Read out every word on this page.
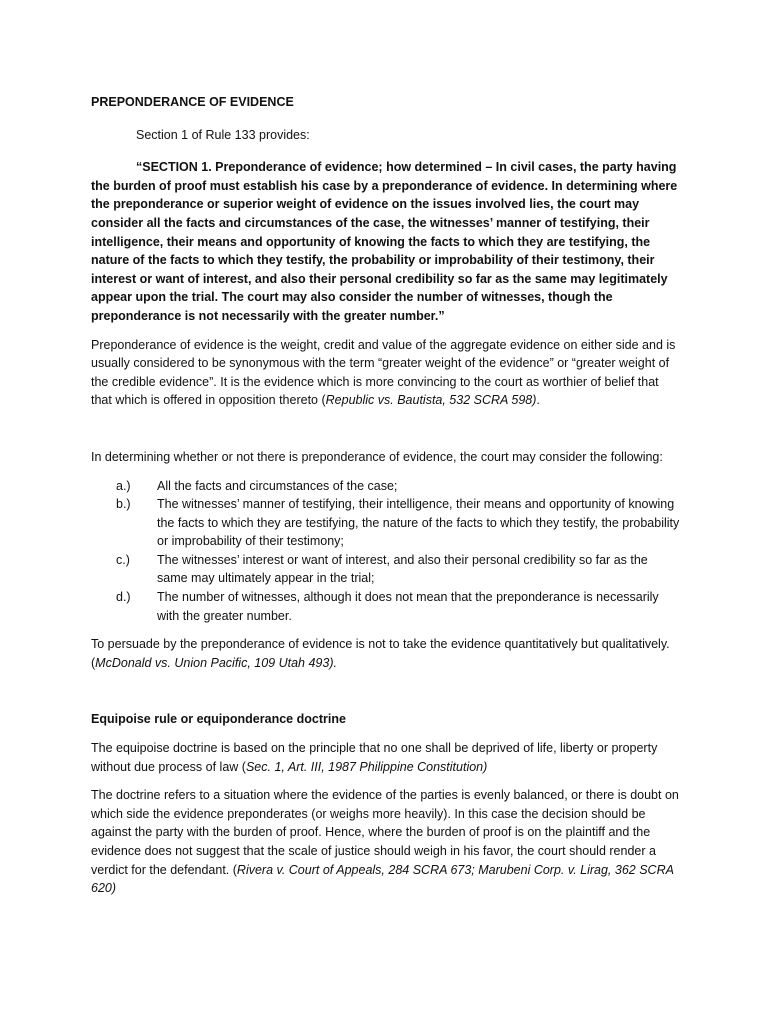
PREPONDERANCE OF EVIDENCE

Section 1 of Rule 133 provides:

“SECTION 1. Preponderance of evidence; how determined – In civil cases, the party having the burden of proof must establish his case by a preponderance of evidence. In determining where the preponderance or superior weight of evidence on the issues involved lies, the court may consider all the facts and circumstances of the case, the witnesses’ manner of testifying, their intelligence, their means and opportunity of knowing the facts to which they are testifying, the nature of the facts to which they testify, the probability or improbability of their testimony, their interest or want of interest, and also their personal credibility so far as the same may legitimately appear upon the trial. The court may also consider the number of witnesses, though the preponderance is not necessarily with the greater number.”

Preponderance of evidence is the weight, credit and value of the aggregate evidence on either side and is usually considered to be synonymous with the term “greater weight of the evidence” or “greater weight of the credible evidence”. It is the evidence which is more convincing to the court as worthier of belief that that which is offered in opposition thereto (Republic vs. Bautista, 532 SCRA 598).

In determining whether or not there is preponderance of evidence, the court may consider the following:

a.) All the facts and circumstances of the case;
b.) The witnesses’ manner of testifying, their intelligence, their means and opportunity of knowing the facts to which they are testifying, the nature of the facts to which they testify, the probability or improbability of their testimony;
c.) The witnesses’ interest or want of interest, and also their personal credibility so far as the same may ultimately appear in the trial;
d.) The number of witnesses, although it does not mean that the preponderance is necessarily with the greater number.

To persuade by the preponderance of evidence is not to take the evidence quantitatively but qualitatively. (McDonald vs. Union Pacific, 109 Utah 493).

Equipoise rule or equiponderance doctrine

The equipoise doctrine is based on the principle that no one shall be deprived of life, liberty or property without due process of law (Sec. 1, Art. III, 1987 Philippine Constitution)

The doctrine refers to a situation where the evidence of the parties is evenly balanced, or there is doubt on which side the evidence preponderates (or weighs more heavily). In this case the decision should be against the party with the burden of proof. Hence, where the burden of proof is on the plaintiff and the evidence does not suggest that the scale of justice should weigh in his favor, the court should render a verdict for the defendant. (Rivera v. Court of Appeals, 284 SCRA 673; Marubeni Corp. v. Lirag, 362 SCRA 620)
